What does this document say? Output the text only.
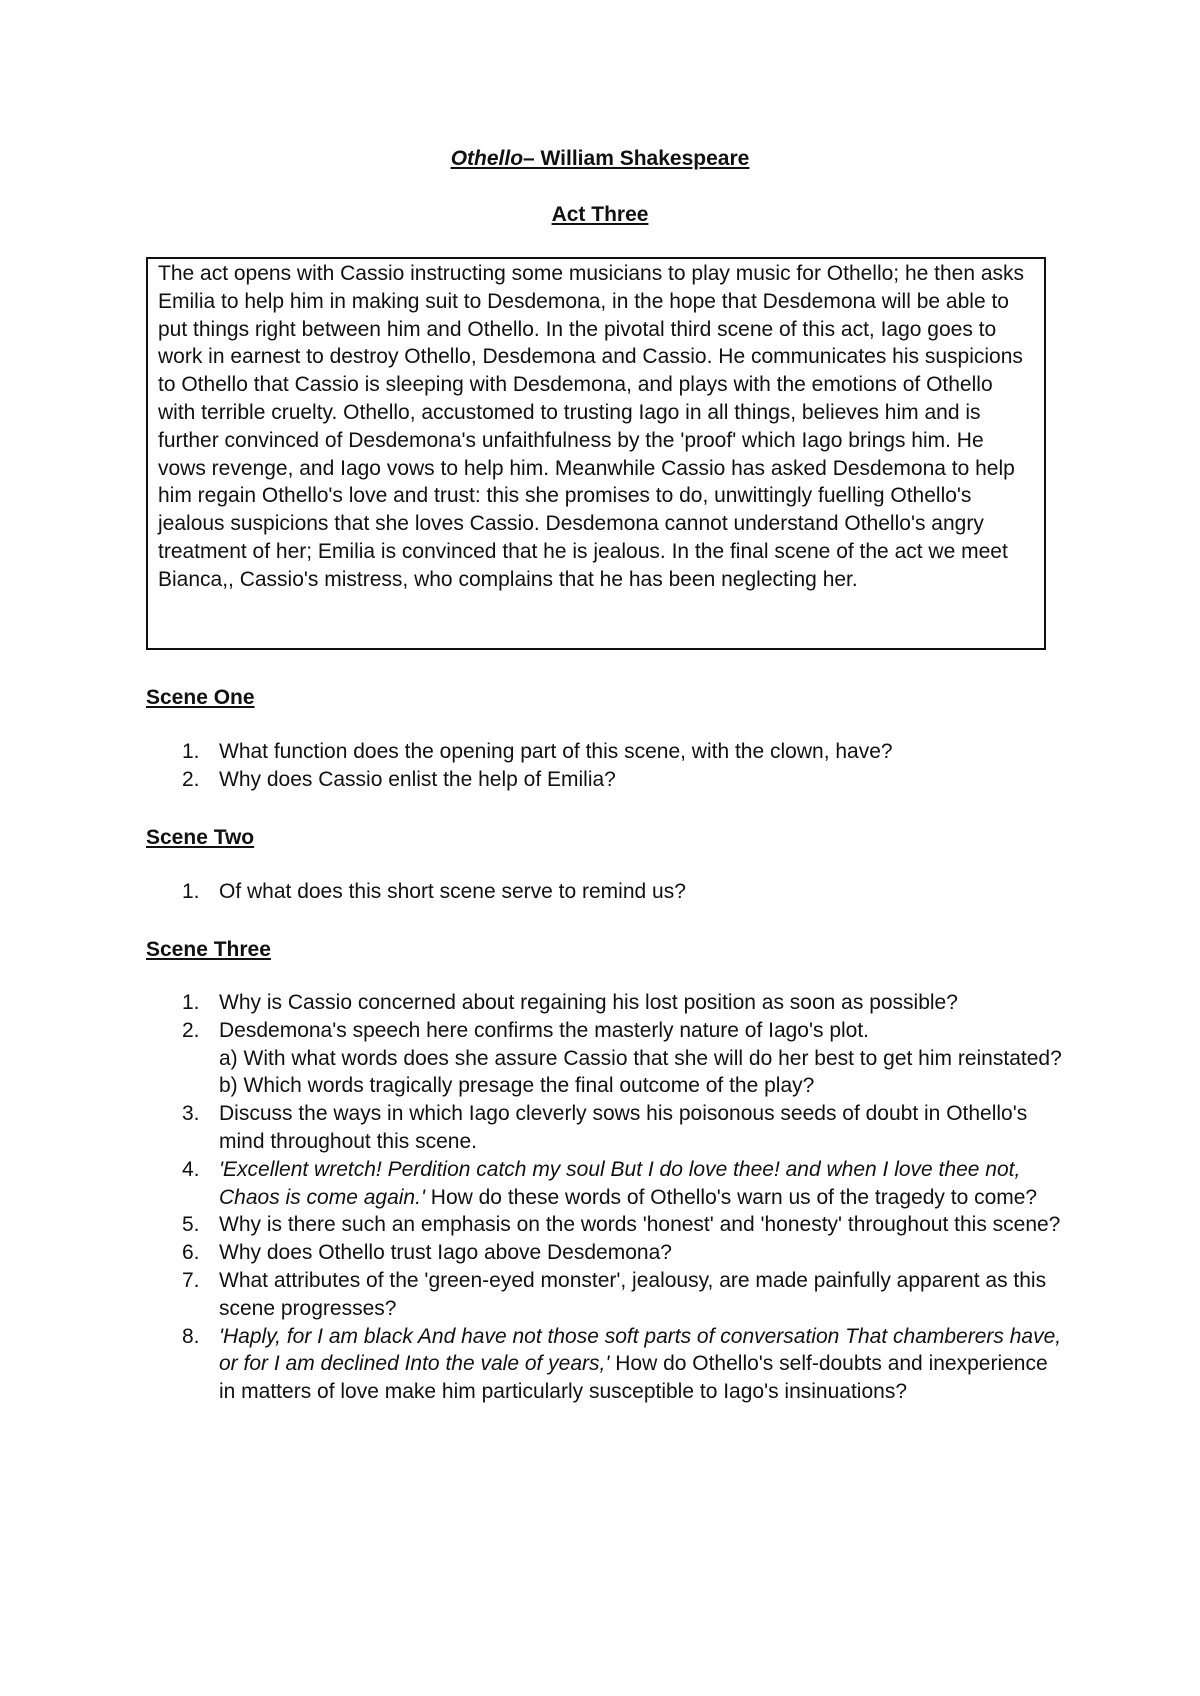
Othello– William Shakespeare
Act Three

The act opens with Cassio instructing some musicians to play music for Othello; he then asks Emilia to help him in making suit to Desdemona, in the hope that Desdemona will be able to put things right between him and Othello. In the pivotal third scene of this act, Iago goes to work in earnest to destroy Othello, Desdemona and Cassio. He communicates his suspicions to Othello that Cassio is sleeping with Desdemona, and plays with the emotions of Othello with terrible cruelty. Othello, accustomed to trusting Iago in all things, believes him and is further convinced of Desdemona's unfaithfulness by the 'proof' which Iago brings him. He vows revenge, and Iago vows to help him. Meanwhile Cassio has asked Desdemona to help him regain Othello's love and trust: this she promises to do, unwittingly fuelling Othello's jealous suspicions that she loves Cassio. Desdemona cannot understand Othello's angry treatment of her; Emilia is convinced that he is jealous. In the final scene of the act we meet Bianca,, Cassio's mistress, who complains that he has been neglecting her.

Scene One
1. What function does the opening part of this scene, with the clown, have?
2. Why does Cassio enlist the help of Emilia?
Scene Two
1. Of what does this short scene serve to remind us?
Scene Three
1. Why is Cassio concerned about regaining his lost position as soon as possible?
2. Desdemona's speech here confirms the masterly nature of Iago's plot.
a) With what words does she assure Cassio that she will do her best to get him reinstated?
b) Which words tragically presage the final outcome of the play?
3. Discuss the ways in which Iago cleverly sows his poisonous seeds of doubt in Othello's mind throughout this scene.
4. 'Excellent wretch! Perdition catch my soul But I do love thee! and when I love thee not, Chaos is come again.' How do these words of Othello's warn us of the tragedy to come?
5. Why is there such an emphasis on the words 'honest' and 'honesty' throughout this scene?
6. Why does Othello trust Iago above Desdemona?
7. What attributes of the 'green-eyed monster', jealousy, are made painfully apparent as this scene progresses?
8. 'Haply, for I am black And have not those soft parts of conversation That chamberers have, or for I am declined Into the vale of years,' How do Othello's self-doubts and inexperience in matters of love make him particularly susceptible to Iago's insinuations?
